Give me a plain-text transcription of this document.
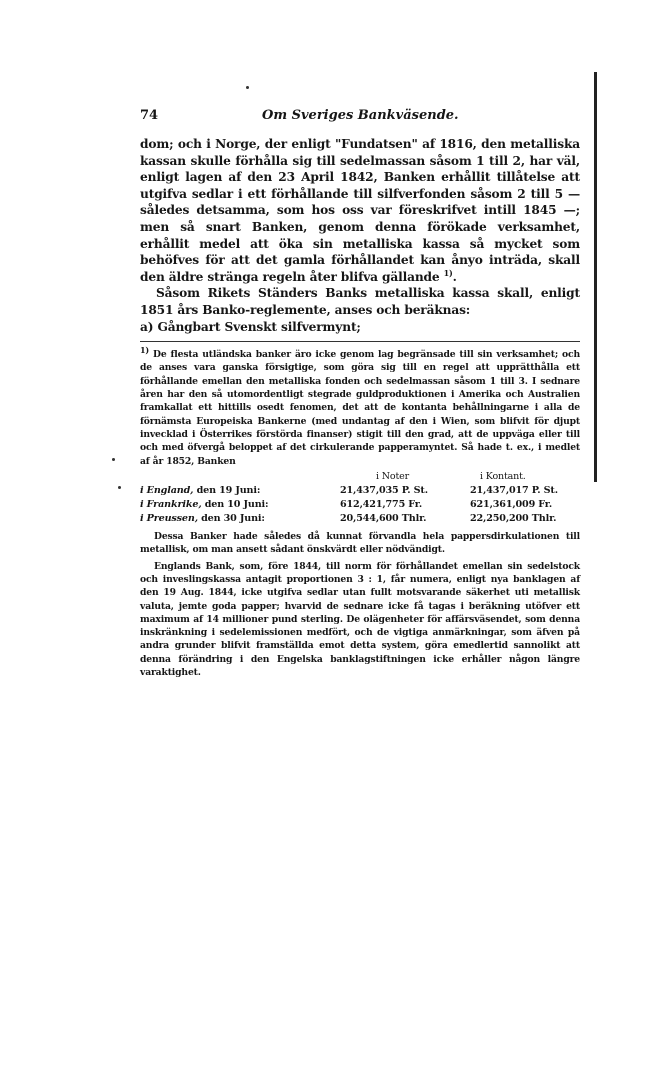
74	Om Sveriges Bankväsende.

dom; och i Norge, der enligt "Fundatsen" af 1816, den metalliska kassan skulle förhålla sig till sedelmassan såsom 1 till 2, har väl, enligt lagen af den 23 April 1842, Banken erhållit tillåtelse att utgifva sedlar i ett förhållande till silfverfonden såsom 2 till 5 — således detsamma, som hos oss var föreskrifvet intill 1845 —; men så snart Banken, genom denna förökade verksamhet, erhållit medel att öka sin metalliska kassa så mycket som behöfves för att det gamla förhållandet kan ånyo inträda, skall den äldre stränga regeln åter blifva gällande $^{1)}$.

Såsom Rikets Ständers Banks metalliska kassa skall, enligt 1851 års Banko-reglemente, anses och beräknas:

a) Gångbart Svenskt silfvermynt;

1) De flesta utländska banker äro icke genom lag begränsade till sin verksamhet; och de anses vara ganska försigtige, som göra sig till en regel att upprätthålla ett förhållande emellan den metalliska fonden och sedelmassan såsom 1 till 3. I sednare åren har den så utomordentligt stegrade guldproduktionen i Amerika och Australien framkallat ett hittills osedt fenomen, det att de kontanta behållningarne i alla de förnämsta Europeiska Bankerne (med undantag af den i Wien, som blifvit för djupt invecklad i Österrikes förstörda finanser) stigit till den grad, att de uppväga eller till och med öfvergå beloppet af det cirkulerande papperamyntet. Så hade t. ex., i medlet af år 1852, Banken

i Noter	i Kontant.
i England, den 19 Juni:	21,437,035 P. St.	21,437,017 P. St.
i Frankrike, den 10 Juni:	612,421,775 Fr.	621,361,009 Fr.
i Preussen, den 30 Juni:	20,544,600 Thlr.	22,250,200 Thlr.

Dessa Banker hade således då kunnat förvandla hela pappersdirkulationen till metallisk, om man ansett sådant önskvärdt eller nödvändigt.

Englands Bank, som, före 1844, till norm för förhållandet emellan sin sedelstock och inveslingskassa antagit proportionen 3 : 1, får numera, enligt nya banklagen af den 19 Aug. 1844, icke utgifva sedlar utan fullt motsvarande säkerhet uti metallisk valuta, jemte goda papper; hvarvid de sednare icke få tagas i beräkning utöfver ett maximum af 14 millioner pund sterling. De olägenheter för affärsväsendet, som denna inskränkning i sedelemissionen medfört, och de vigtiga anmärkningar, som äfven på andra grunder blifvit framställda emot detta system, göra emedlertid sannolikt att denna förändring i den Engelska banklagstiftningen icke erhåller någon längre varaktighet.
